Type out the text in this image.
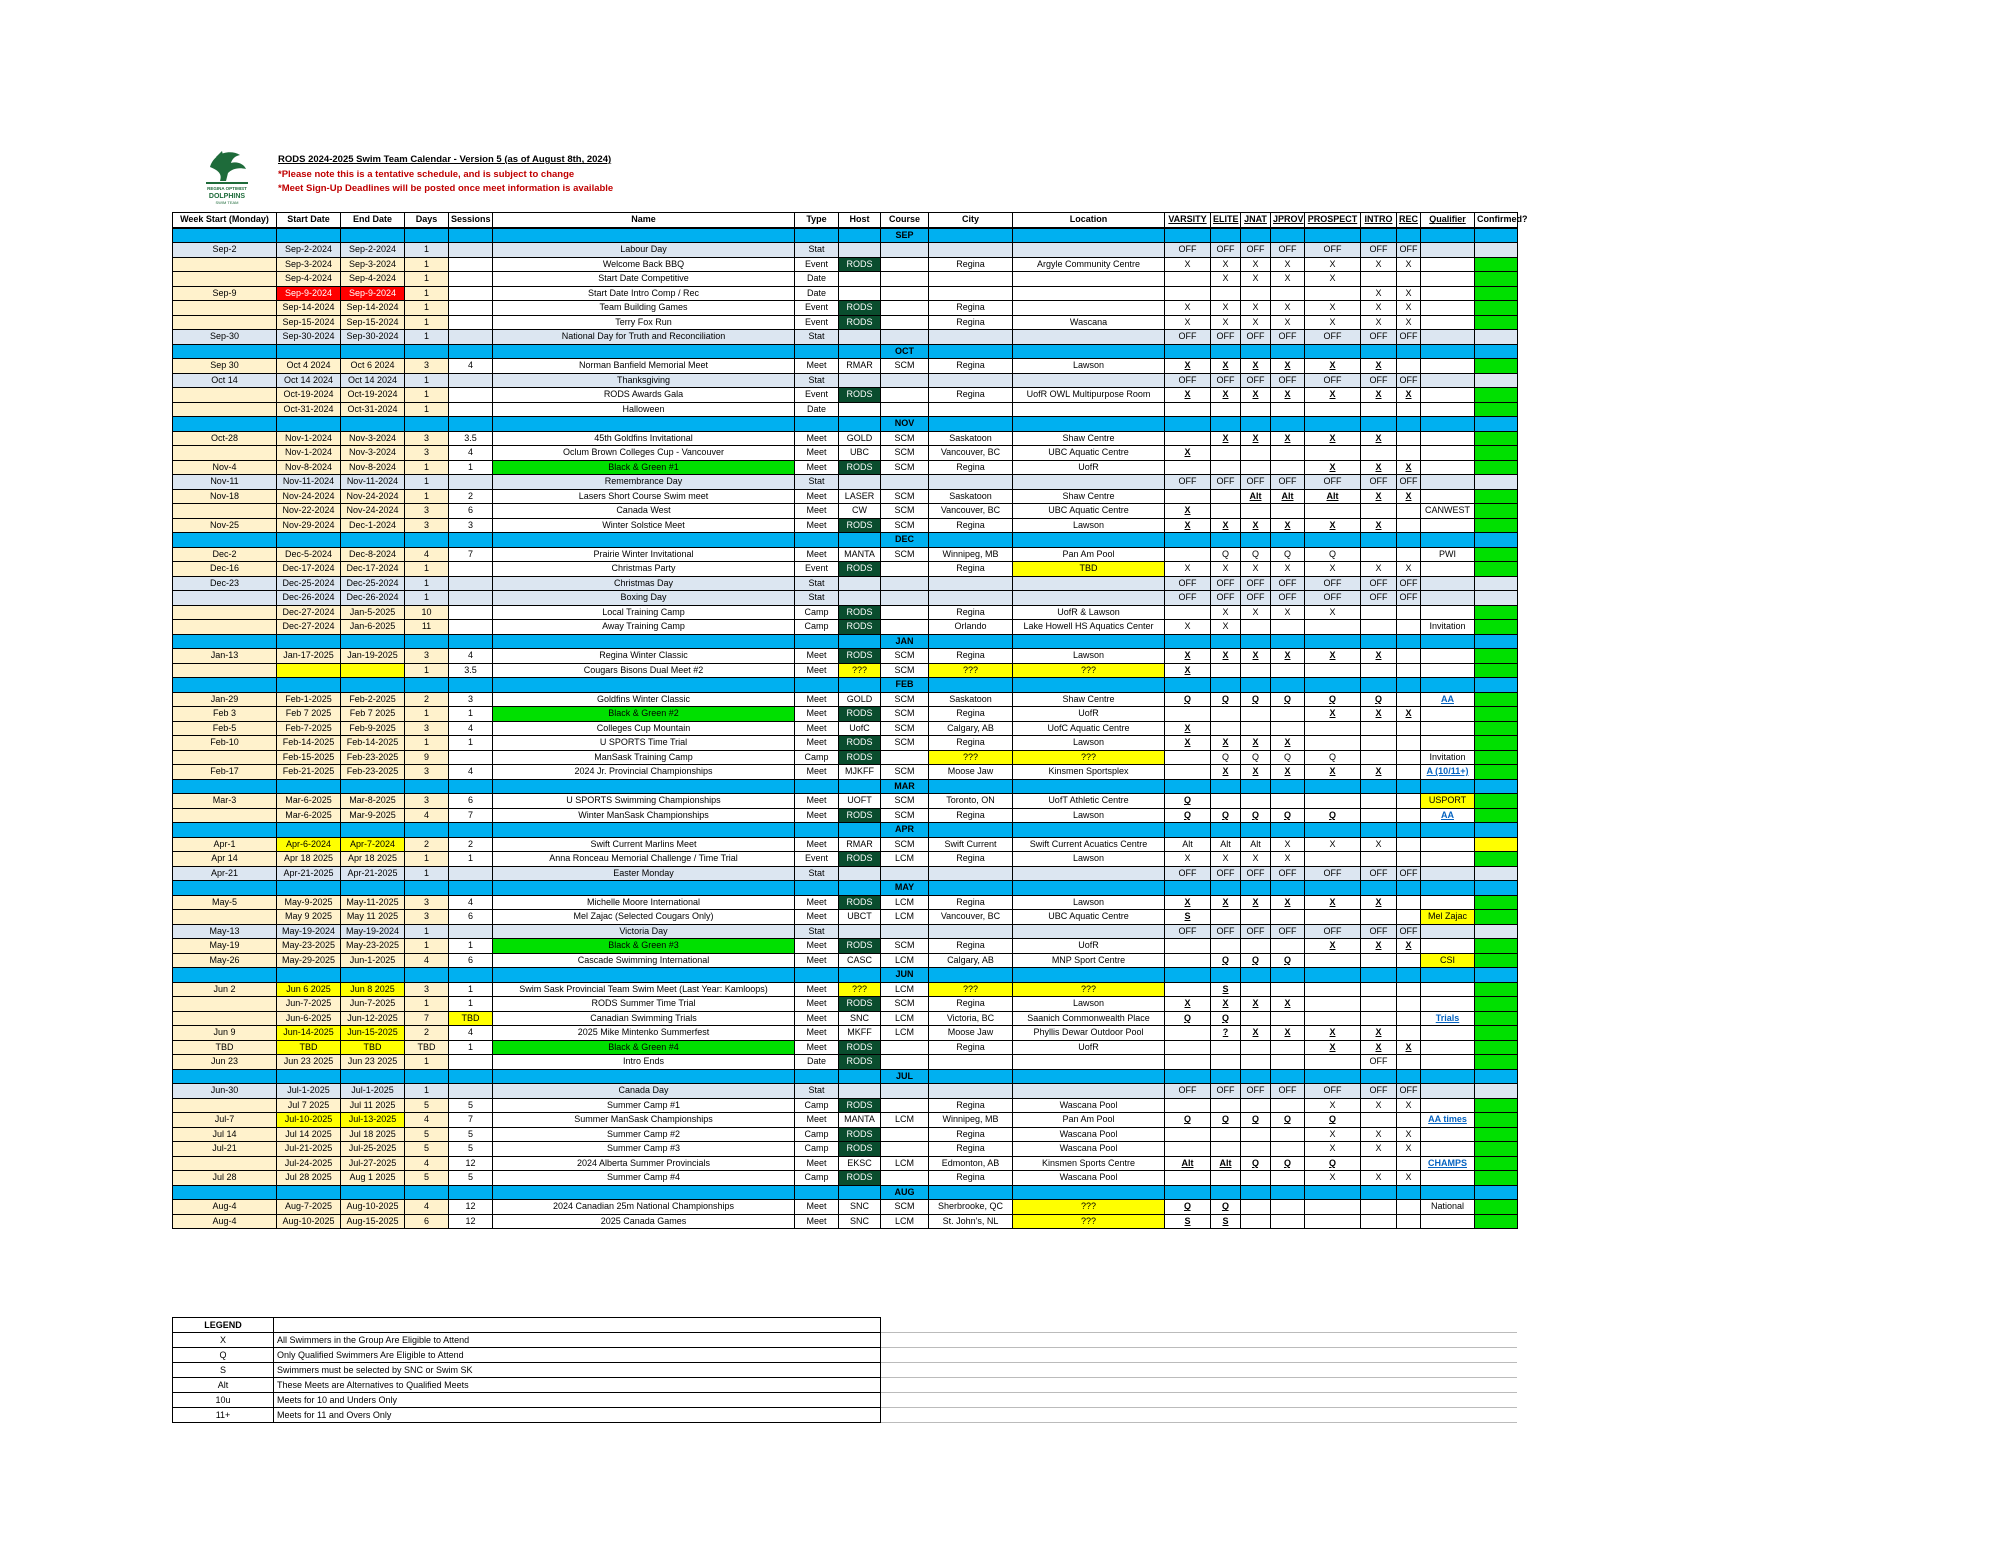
REGINA OPTIMIST
DOLPHINS
SWIM TEAM
RODS 2024-2025 Swim Team Calendar - Version 5 (as of August 8th, 2024)
*Please note this is a tentative schedule, and is subject to change
*Meet Sign-Up Deadlines will be posted once meet information is available
Week Start (Monday)	Start Date	End Date	Days	Sessions	Name	Type	Host	Course	City	Location	VARSITY	ELITE	JNAT	JPROV	PROSPECT	INTRO	REC	Qualifier	Confirmed?
								SEP											
Sep-2	Sep-2-2024	Sep-2-2024	1		Labour Day	Stat					OFF	OFF	OFF	OFF	OFF	OFF	OFF		
	Sep-3-2024	Sep-3-2024	1		Welcome Back BBQ	Event	RODS		Regina	Argyle Community Centre	X	X	X	X	X	X	X		
	Sep-4-2024	Sep-4-2024	1		Start Date Competitive	Date						X	X	X	X				
Sep-9	Sep-9-2024	Sep-9-2024	1		Start Date Intro Comp / Rec	Date										X	X		
	Sep-14-2024	Sep-14-2024	1		Team Building Games	Event	RODS		Regina		X	X	X	X	X	X	X		
	Sep-15-2024	Sep-15-2024	1		Terry Fox Run	Event	RODS		Regina	Wascana	X	X	X	X	X	X	X		
Sep-30	Sep-30-2024	Sep-30-2024	1		National Day for Truth and Reconciliation	Stat					OFF	OFF	OFF	OFF	OFF	OFF	OFF		
								OCT											
Sep 30	Oct 4 2024	Oct 6 2024	3	4	Norman Banfield Memorial Meet	Meet	RMAR	SCM	Regina	Lawson	X	X	X	X	X	X			
Oct 14	Oct 14 2024	Oct 14 2024	1		Thanksgiving	Stat					OFF	OFF	OFF	OFF	OFF	OFF	OFF		
	Oct-19-2024	Oct-19-2024	1		RODS Awards Gala	Event	RODS		Regina	UofR OWL Multipurpose Room	X	X	X	X	X	X	X		
	Oct-31-2024	Oct-31-2024	1		Halloween	Date													
								NOV											
Oct-28	Nov-1-2024	Nov-3-2024	3	3.5	45th Goldfins Invitational	Meet	GOLD	SCM	Saskatoon	Shaw Centre		X	X	X	X	X			
	Nov-1-2024	Nov-3-2024	3	4	Oclum Brown Colleges Cup - Vancouver	Meet	UBC	SCM	Vancouver, BC	UBC Aquatic Centre	X								
Nov-4	Nov-8-2024	Nov-8-2024	1	1	Black & Green #1	Meet	RODS	SCM	Regina	UofR					X	X	X		
Nov-11	Nov-11-2024	Nov-11-2024	1		Remembrance Day	Stat					OFF	OFF	OFF	OFF	OFF	OFF	OFF		
Nov-18	Nov-24-2024	Nov-24-2024	1	2	Lasers Short Course Swim meet	Meet	LASER	SCM	Saskatoon	Shaw Centre			Alt	Alt	Alt	X	X		
	Nov-22-2024	Nov-24-2024	3	6	Canada West	Meet	CW	SCM	Vancouver, BC	UBC Aquatic Centre	X							CANWEST	
Nov-25	Nov-29-2024	Dec-1-2024	3	3	Winter Solstice Meet	Meet	RODS	SCM	Regina	Lawson	X	X	X	X	X	X			
								DEC											
Dec-2	Dec-5-2024	Dec-8-2024	4	7	Prairie Winter Invitational	Meet	MANTA	SCM	Winnipeg, MB	Pan Am Pool		Q	Q	Q	Q			PWI	
Dec-16	Dec-17-2024	Dec-17-2024	1		Christmas Party	Event	RODS		Regina	TBD	X	X	X	X	X	X	X		
Dec-23	Dec-25-2024	Dec-25-2024	1		Christmas Day	Stat					OFF	OFF	OFF	OFF	OFF	OFF	OFF		
	Dec-26-2024	Dec-26-2024	1		Boxing Day	Stat					OFF	OFF	OFF	OFF	OFF	OFF	OFF		
	Dec-27-2024	Jan-5-2025	10		Local Training Camp	Camp	RODS		Regina	UofR & Lawson		X	X	X	X				
	Dec-27-2024	Jan-6-2025	11		Away Training Camp	Camp	RODS		Orlando	Lake Howell HS Aquatics Center	X	X						Invitation	
								JAN											
Jan-13	Jan-17-2025	Jan-19-2025	3	4	Regina Winter Classic	Meet	RODS	SCM	Regina	Lawson	X	X	X	X	X	X			
			1	3.5	Cougars Bisons Dual Meet #2	Meet	???	SCM	???	???	X								
								FEB											
Jan-29	Feb-1-2025	Feb-2-2025	2	3	Goldfins Winter Classic	Meet	GOLD	SCM	Saskatoon	Shaw Centre	Q	Q	Q	Q	Q	Q		AA	
Feb 3	Feb 7 2025	Feb 7 2025	1	1	Black & Green #2	Meet	RODS	SCM	Regina	UofR					X	X	X		
Feb-5	Feb-7-2025	Feb-9-2025	3	4	Colleges Cup Mountain	Meet	UofC	SCM	Calgary, AB	UofC Aquatic Centre	X								
Feb-10	Feb-14-2025	Feb-14-2025	1	1	U SPORTS Time Trial	Meet	RODS	SCM	Regina	Lawson	X	X	X	X					
	Feb-15-2025	Feb-23-2025	9		ManSask Training Camp	Camp	RODS		???	???		Q	Q	Q	Q			Invitation	
Feb-17	Feb-21-2025	Feb-23-2025	3	4	2024 Jr. Provincial Championships	Meet	MJKFF	SCM	Moose Jaw	Kinsmen Sportsplex		X	X	X	X	X		A (10/11+)	
								MAR											
Mar-3	Mar-6-2025	Mar-8-2025	3	6	U SPORTS Swimming Championships	Meet	UOFT	SCM	Toronto, ON	UofT Athletic Centre	Q							USPORT	
	Mar-6-2025	Mar-9-2025	4	7	Winter ManSask Championships	Meet	RODS	SCM	Regina	Lawson	Q	Q	Q	Q	Q			AA	
								APR											
Apr-1	Apr-6-2024	Apr-7-2024	2	2	Swift Current Marlins Meet	Meet	RMAR	SCM	Swift Current	Swift Current Acuatics Centre	Alt	Alt	Alt	X	X	X			
Apr 14	Apr 18 2025	Apr 18 2025	1	1	Anna Ronceau Memorial Challenge / Time Trial	Event	RODS	LCM	Regina	Lawson	X	X	X	X					
Apr-21	Apr-21-2025	Apr-21-2025	1		Easter Monday	Stat					OFF	OFF	OFF	OFF	OFF	OFF	OFF		
								MAY											
May-5	May-9-2025	May-11-2025	3	4	Michelle Moore International	Meet	RODS	LCM	Regina	Lawson	X	X	X	X	X	X			
	May 9 2025	May 11 2025	3	6	Mel Zajac (Selected Cougars Only)	Meet	UBCT	LCM	Vancouver, BC	UBC Aquatic Centre	S							Mel Zajac	
May-13	May-19-2024	May-19-2024	1		Victoria Day	Stat					OFF	OFF	OFF	OFF	OFF	OFF	OFF		
May-19	May-23-2025	May-23-2025	1	1	Black & Green #3	Meet	RODS	SCM	Regina	UofR					X	X	X		
May-26	May-29-2025	Jun-1-2025	4	6	Cascade Swimming International	Meet	CASC	LCM	Calgary, AB	MNP Sport Centre		Q	Q	Q				CSI	
								JUN											
Jun 2	Jun 6 2025	Jun 8 2025	3	1	Swim Sask Provincial Team Swim Meet (Last Year: Kamloops)	Meet	???	LCM	???	???		S							
	Jun-7-2025	Jun-7-2025	1	1	RODS Summer Time Trial	Meet	RODS	SCM	Regina	Lawson	X	X	X	X					
	Jun-6-2025	Jun-12-2025	7	TBD	Canadian Swimming Trials	Meet	SNC	LCM	Victoria, BC	Saanich Commonwealth Place	Q	Q						Trials	
Jun 9	Jun-14-2025	Jun-15-2025	2	4	2025 Mike Mintenko Summerfest	Meet	MKFF	LCM	Moose Jaw	Phyllis Dewar Outdoor Pool		?	X	X	X	X			
TBD	TBD	TBD	TBD	1	Black & Green #4	Meet	RODS		Regina	UofR					X	X	X		
Jun 23	Jun 23 2025	Jun 23 2025	1		Intro Ends	Date	RODS									OFF			
								JUL											
Jun-30	Jul-1-2025	Jul-1-2025	1		Canada Day	Stat					OFF	OFF	OFF	OFF	OFF	OFF	OFF		
	Jul 7 2025	Jul 11 2025	5	5	Summer Camp #1	Camp	RODS		Regina	Wascana Pool					X	X	X		
Jul-7	Jul-10-2025	Jul-13-2025	4	7	Summer ManSask Championships	Meet	MANTA	LCM	Winnipeg, MB	Pan Am Pool	Q	Q	Q	Q	Q			AA times	
Jul 14	Jul 14 2025	Jul 18 2025	5	5	Summer Camp #2	Camp	RODS		Regina	Wascana Pool					X	X	X		
Jul-21	Jul-21-2025	Jul-25-2025	5	5	Summer Camp #3	Camp	RODS		Regina	Wascana Pool					X	X	X		
	Jul-24-2025	Jul-27-2025	4	12	2024 Alberta Summer Provincials	Meet	EKSC	LCM	Edmonton, AB	Kinsmen Sports Centre	Alt	Alt	Q	Q	Q			CHAMPS	
Jul 28	Jul 28 2025	Aug 1 2025	5	5	Summer Camp #4	Camp	RODS		Regina	Wascana Pool					X	X	X		
								AUG											
Aug-4	Aug-7-2025	Aug-10-2025	4	12	2024 Canadian 25m National Championships	Meet	SNC	SCM	Sherbrooke, QC	???	Q	Q						National	
Aug-4	Aug-10-2025	Aug-15-2025	6	12	2025 Canada Games	Meet	SNC	LCM	St. John's, NL	???	S	S							
LEGEND		
X	All Swimmers in the Group Are Eligible to Attend	
Q	Only Qualified Swimmers Are Eligible to Attend	
S	Swimmers must be selected by SNC or Swim SK	
Alt	These Meets are Alternatives to Qualified Meets	
10u	Meets for 10 and Unders Only	
11+	Meets for 11 and Overs Only	
